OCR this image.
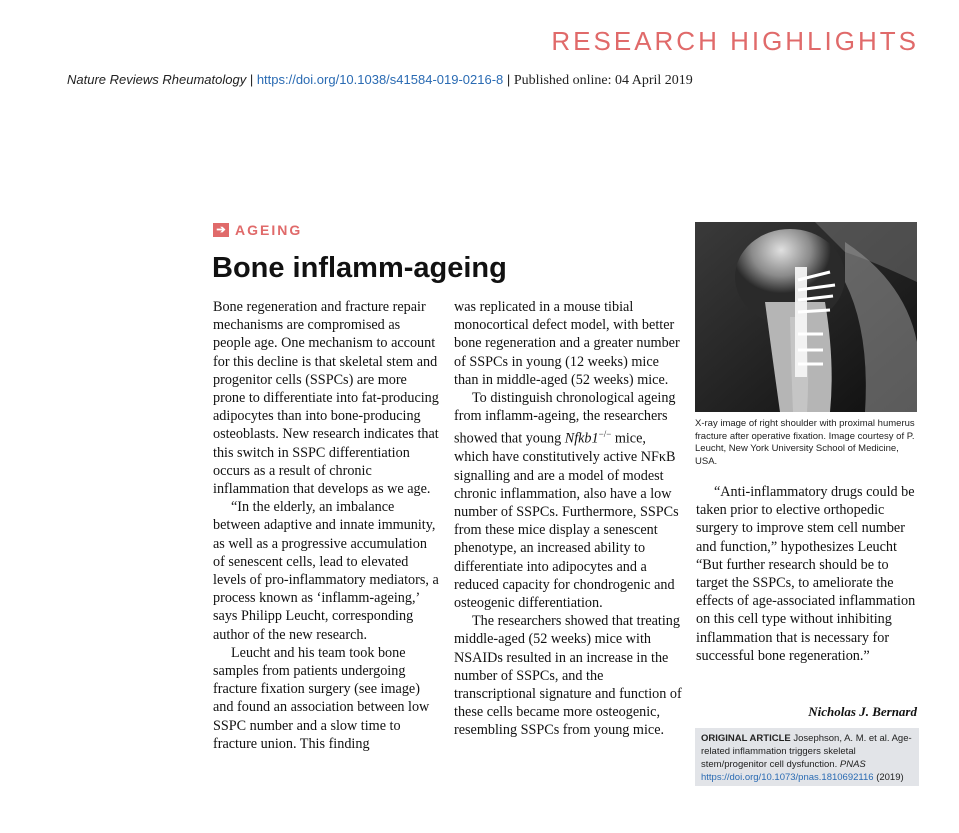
RESEARCH HIGHLIGHTS
Nature Reviews Rheumatology | https://doi.org/10.1038/s41584-019-0216-8 | Published online: 04 April 2019
➔ AGEING
Bone inflamm-ageing

Bone regeneration and fracture repair mechanisms are compromised as people age. One mechanism to account for this decline is that skeletal stem and progenitor cells (SSPCs) are more prone to differentiate into fat-producing adipocytes than into bone-producing osteoblasts. New research indicates that this switch in SSPC differentiation occurs as a result of chronic inflammation that develops as we age.

“In the elderly, an imbalance between adaptive and innate immunity, as well as a progressive accumulation of senescent cells, lead to elevated levels of pro-inflammatory mediators, a process known as ‘inflamm-ageing,’ says Philipp Leucht, corresponding author of the new research.

Leucht and his team took bone samples from patients undergoing fracture fixation surgery (see image) and found an association between low SSPC number and a slow time to fracture union. This finding

was replicated in a mouse tibial monocortical defect model, with better bone regeneration and a greater number of SSPCs in young (12 weeks) mice than in middle-aged (52 weeks) mice.

To distinguish chronological ageing from inflamm-ageing, the researchers showed that young Nfkb1−/− mice, which have constitutively active NFκB signalling and are a model of modest chronic inflammation, also have a low number of SSPCs. Furthermore, SSPCs from these mice display a senescent phenotype, an increased ability to differentiate into adipocytes and a reduced capacity for chondrogenic and osteogenic differentiation.

The researchers showed that treating middle-aged (52 weeks) mice with NSAIDs resulted in an increase in the number of SSPCs, and the transcriptional signature and function of these cells became more osteogenic, resembling SSPCs from young mice.

X-ray image of right shoulder with proximal humerus fracture after operative fixation. Image courtesy of P. Leucht, New York University School of Medicine, USA.

“Anti-inflammatory drugs could be taken prior to elective orthopedic surgery to improve stem cell number and function,” hypothesizes Leucht “But further research should be to target the SSPCs, to ameliorate the effects of age-associated inflammation on this cell type without inhibiting inflammation that is necessary for successful bone regeneration.”

Nicholas J. Bernard
ORIGINAL ARTICLE Josephson, A. M. et al. Age-related inflammation triggers skeletal stem/progenitor cell dysfunction. PNAS https://doi.org/10.1073/pnas.1810692116 (2019)
